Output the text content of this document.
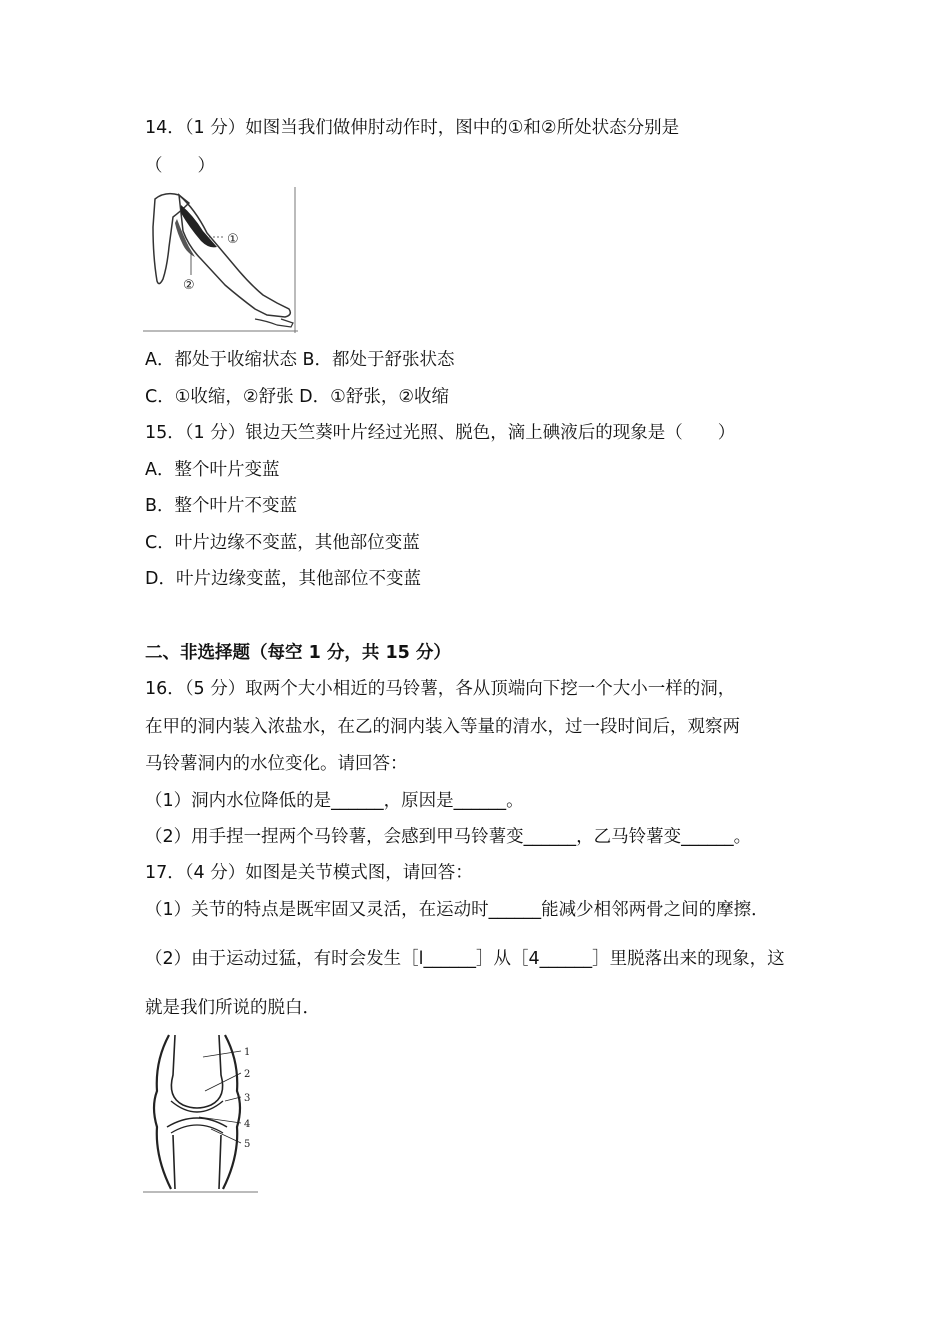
14．（1 分）如图当我们做伸肘动作时，图中的①和②所处状态分别是
（　　）
①
②
A．都处于收缩状态 B．都处于舒张状态
C．①收缩，②舒张 D．①舒张，②收缩
15．（1 分）银边天竺葵叶片经过光照、脱色，滴上碘液后的现象是（　　）
A．整个叶片变蓝
B．整个叶片不变蓝
C．叶片边缘不变蓝，其他部位变蓝
D．叶片边缘变蓝，其他部位不变蓝
二、非选择题（每空 1 分，共 15 分）
16．（5 分）取两个大小相近的马铃薯，各从顶端向下挖一个大小一样的洞，
在甲的洞内装入浓盐水，在乙的洞内装入等量的清水，过一段时间后，观察两
马铃薯洞内的水位变化。请回答：
（1）洞内水位降低的是______，原因是______。
（2）用手捏一捏两个马铃薯，会感到甲马铃薯变______，乙马铃薯变______。
17．（4 分）如图是关节模式图，请回答：
（1）关节的特点是既牢固又灵活，在运动时______能减少相邻两骨之间的摩擦．
（2）由于运动过猛，有时会发生［l______］从［4______］里脱落出来的现象，这
就是我们所说的脱白．
1
2
3
4
5
